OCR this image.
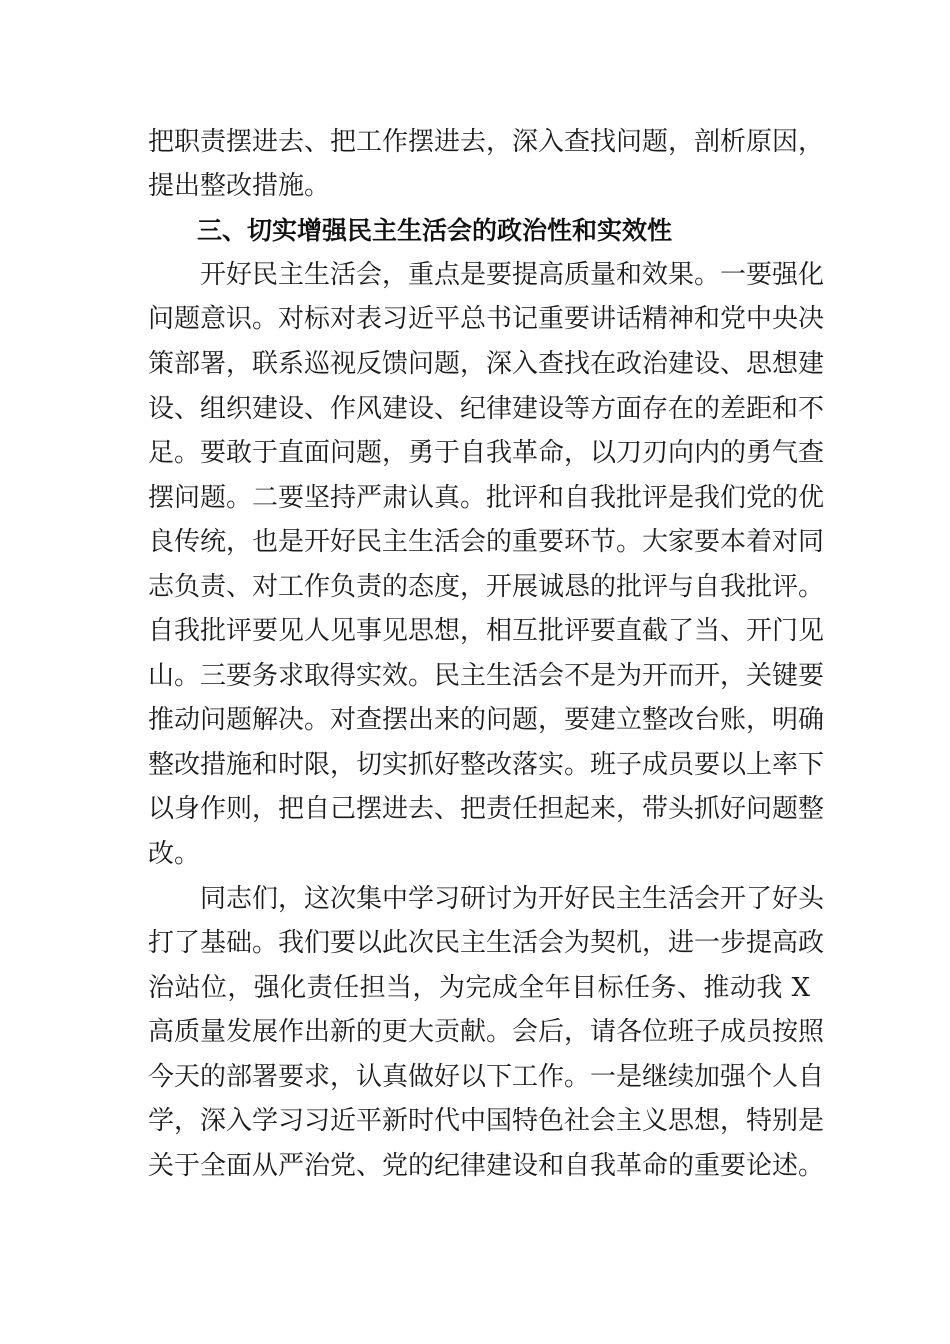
把职责摆进去、把工作摆进去，深入查找问题，剖析原因，
提出整改措施。
三、切实增强民主生活会的政治性和实效性
开好民主生活会，重点是要提高质量和效果。一要强化
问题意识。对标对表习近平总书记重要讲话精神和党中央决
策部署，联系巡视反馈问题，深入查找在政治建设、思想建
设、组织建设、作风建设、纪律建设等方面存在的差距和不
足。要敢于直面问题，勇于自我革命，以刀刃向内的勇气查
摆问题。二要坚持严肃认真。批评和自我批评是我们党的优
良传统，也是开好民主生活会的重要环节。大家要本着对同
志负责、对工作负责的态度，开展诚恳的批评与自我批评。
自我批评要见人见事见思想，相互批评要直截了当、开门见
山。三要务求取得实效。民主生活会不是为开而开，关键要
推动问题解决。对查摆出来的问题，要建立整改台账，明确
整改措施和时限，切实抓好整改落实。班子成员要以上率下
以身作则，把自己摆进去、把责任担起来，带头抓好问题整
改。
同志们，这次集中学习研讨为开好民主生活会开了好头
打了基础。我们要以此次民主生活会为契机，进一步提高政
治站位，强化责任担当，为完成全年目标任务、推动我 X
高质量发展作出新的更大贡献。会后，请各位班子成员按照
今天的部署要求，认真做好以下工作。一是继续加强个人自
学，深入学习习近平新时代中国特色社会主义思想，特别是
关于全面从严治党、党的纪律建设和自我革命的重要论述。
